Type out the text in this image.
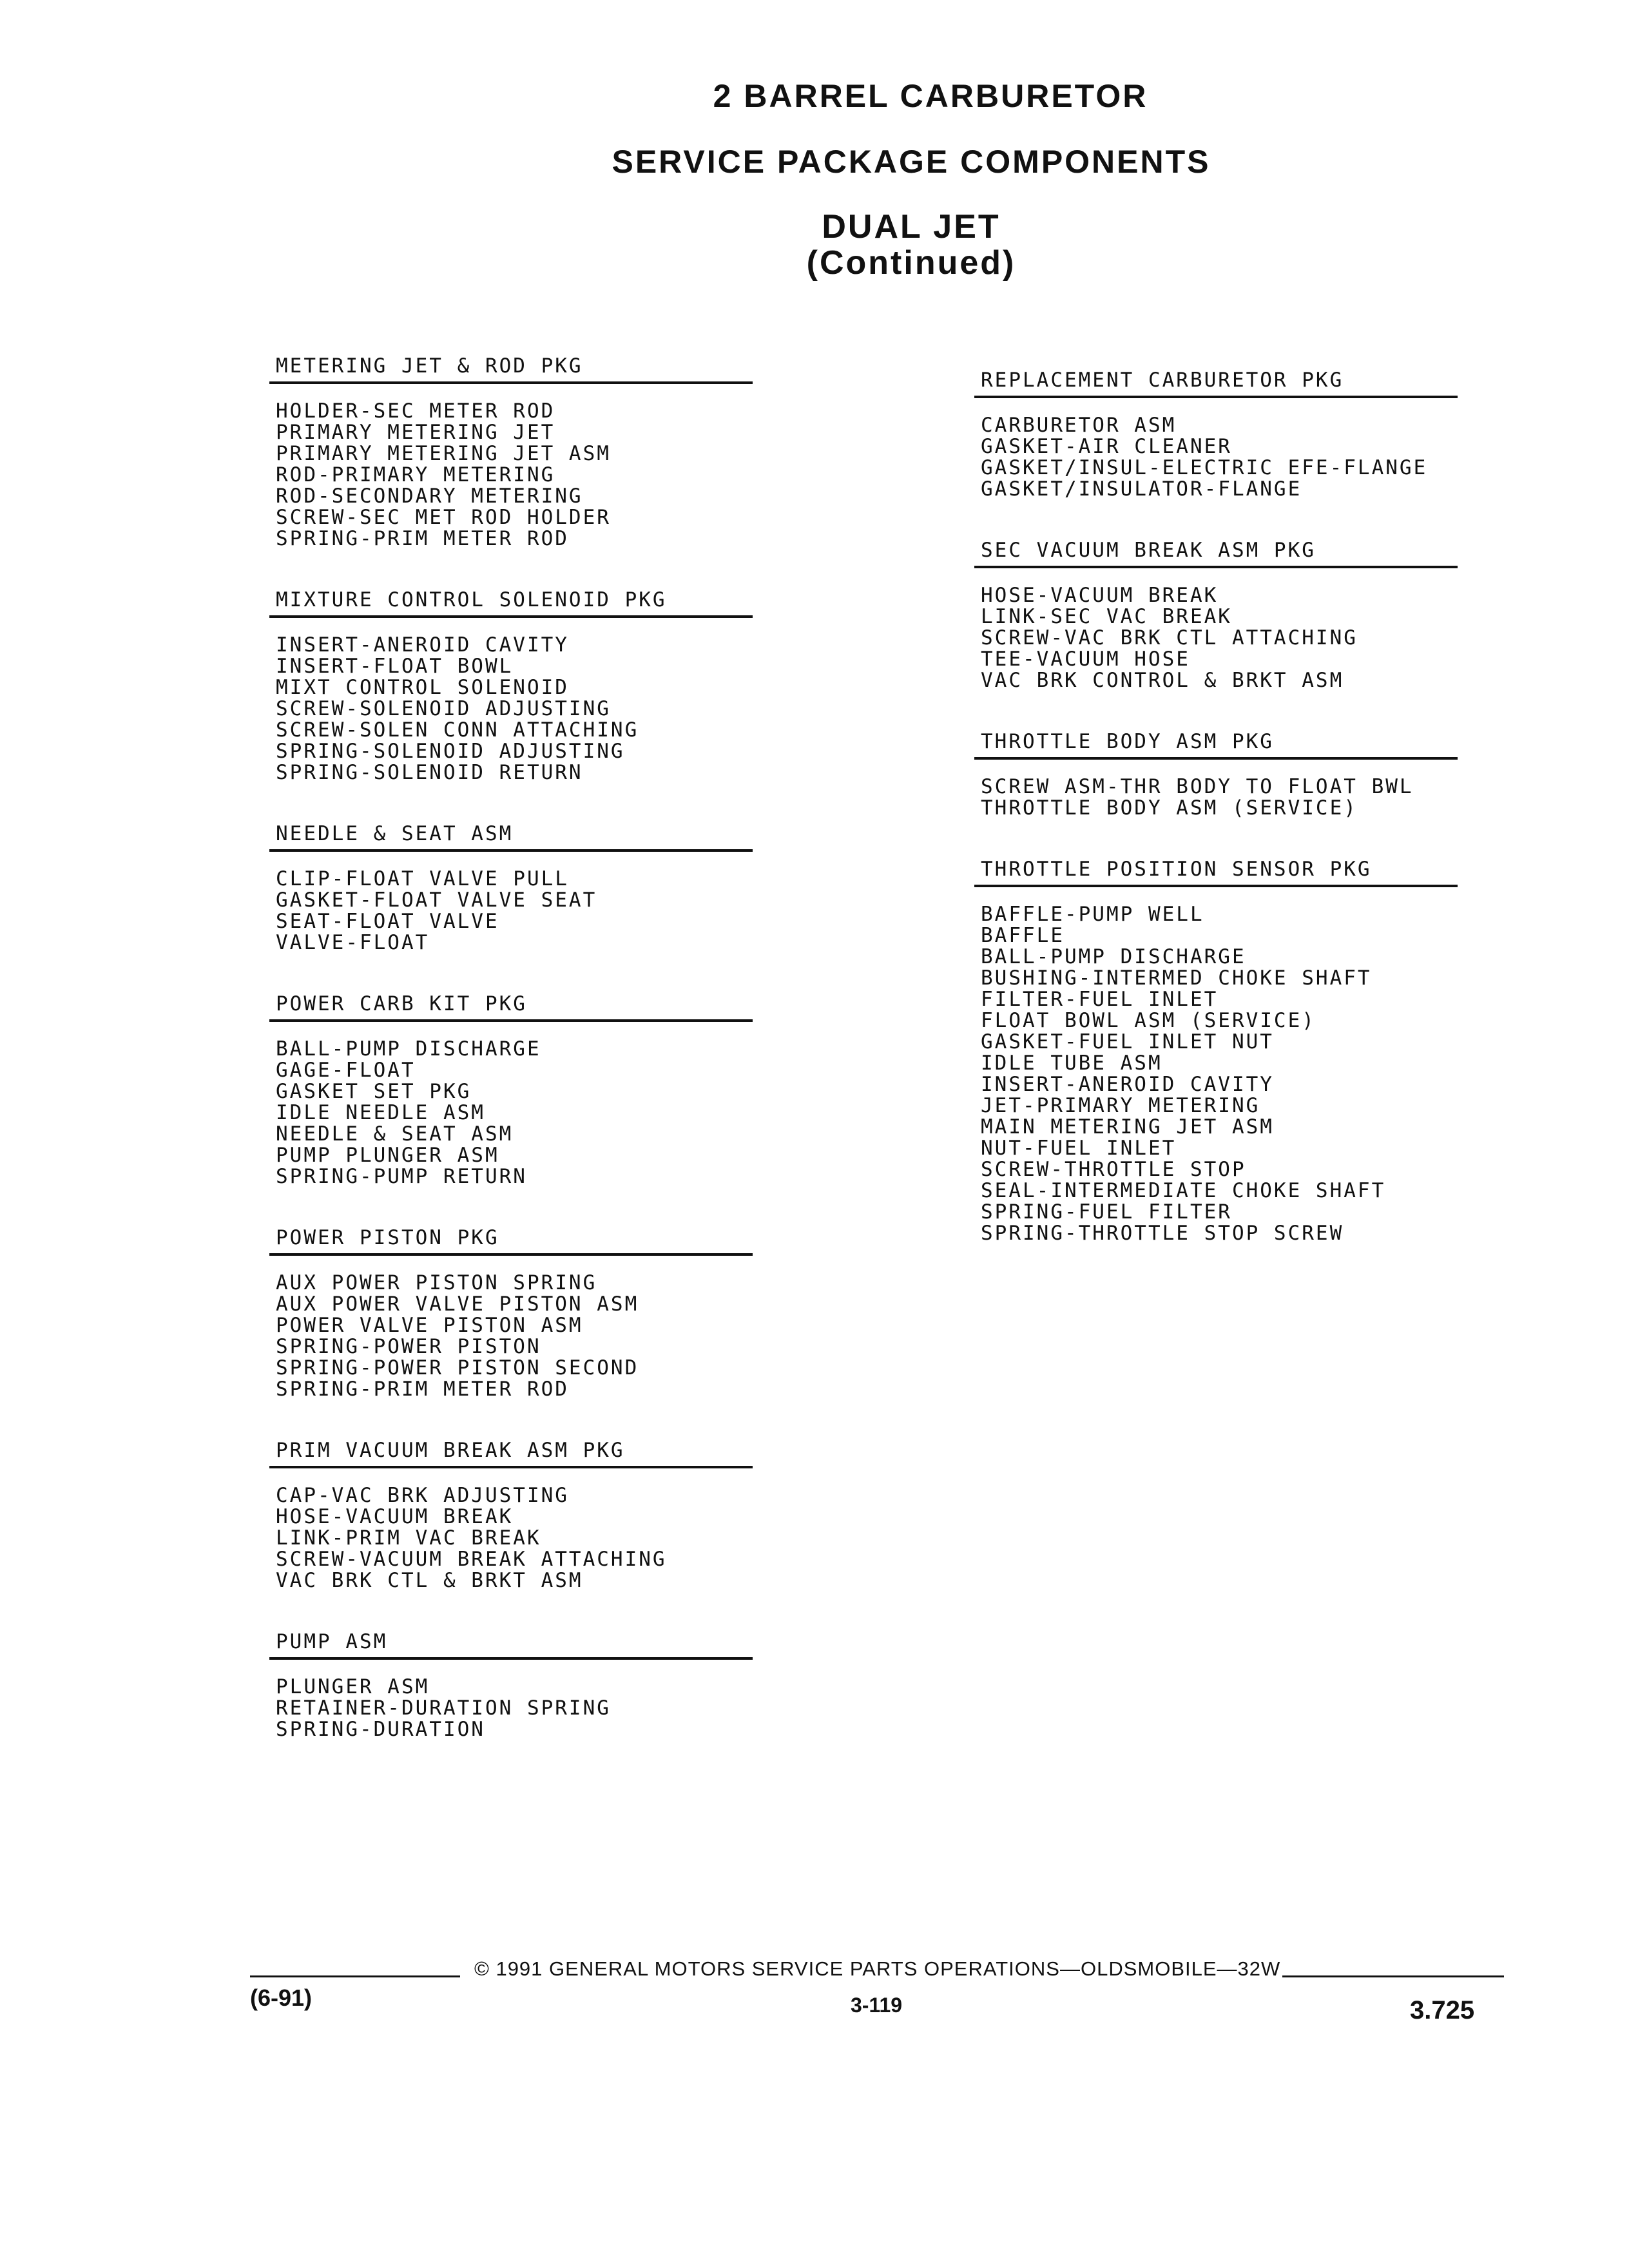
2 BARREL CARBURETOR
SERVICE PACKAGE COMPONENTS
DUAL JET
(Continued)
METERING JET & ROD PKG
HOLDER-SEC METER ROD
PRIMARY METERING JET
PRIMARY METERING JET ASM
ROD-PRIMARY METERING
ROD-SECONDARY METERING
SCREW-SEC MET ROD HOLDER
SPRING-PRIM METER ROD
MIXTURE CONTROL SOLENOID PKG
INSERT-ANEROID CAVITY
INSERT-FLOAT BOWL
MIXT CONTROL SOLENOID
SCREW-SOLENOID ADJUSTING
SCREW-SOLEN CONN ATTACHING
SPRING-SOLENOID ADJUSTING
SPRING-SOLENOID RETURN
NEEDLE & SEAT ASM
CLIP-FLOAT VALVE PULL
GASKET-FLOAT VALVE SEAT
SEAT-FLOAT VALVE
VALVE-FLOAT
POWER CARB KIT PKG
BALL-PUMP DISCHARGE
GAGE-FLOAT
GASKET SET PKG
IDLE NEEDLE ASM
NEEDLE & SEAT ASM
PUMP PLUNGER ASM
SPRING-PUMP RETURN
POWER PISTON PKG
AUX POWER PISTON SPRING
AUX POWER VALVE PISTON ASM
POWER VALVE PISTON ASM
SPRING-POWER PISTON
SPRING-POWER PISTON SECOND
SPRING-PRIM METER ROD
PRIM VACUUM BREAK ASM PKG
CAP-VAC BRK ADJUSTING
HOSE-VACUUM BREAK
LINK-PRIM VAC BREAK
SCREW-VACUUM BREAK ATTACHING
VAC BRK CTL & BRKT ASM
PUMP ASM
PLUNGER ASM
RETAINER-DURATION SPRING
SPRING-DURATION
REPLACEMENT CARBURETOR PKG
CARBURETOR ASM
GASKET-AIR CLEANER
GASKET/INSUL-ELECTRIC EFE-FLANGE
GASKET/INSULATOR-FLANGE
SEC VACUUM BREAK ASM PKG
HOSE-VACUUM BREAK
LINK-SEC VAC BREAK
SCREW-VAC BRK CTL ATTACHING
TEE-VACUUM HOSE
VAC BRK CONTROL & BRKT ASM
THROTTLE BODY ASM PKG
SCREW ASM-THR BODY TO FLOAT BWL
THROTTLE BODY ASM (SERVICE)
THROTTLE POSITION SENSOR PKG
BAFFLE-PUMP WELL
BAFFLE
BALL-PUMP DISCHARGE
BUSHING-INTERMED CHOKE SHAFT
FILTER-FUEL INLET
FLOAT BOWL ASM (SERVICE)
GASKET-FUEL INLET NUT
IDLE TUBE ASM
INSERT-ANEROID CAVITY
JET-PRIMARY METERING
MAIN METERING JET ASM
NUT-FUEL INLET
SCREW-THROTTLE STOP
SEAL-INTERMEDIATE CHOKE SHAFT
SPRING-FUEL FILTER
SPRING-THROTTLE STOP SCREW
(6-91)
© 1991 GENERAL MOTORS SERVICE PARTS OPERATIONS—OLDSMOBILE—32W
3-119	3.725
